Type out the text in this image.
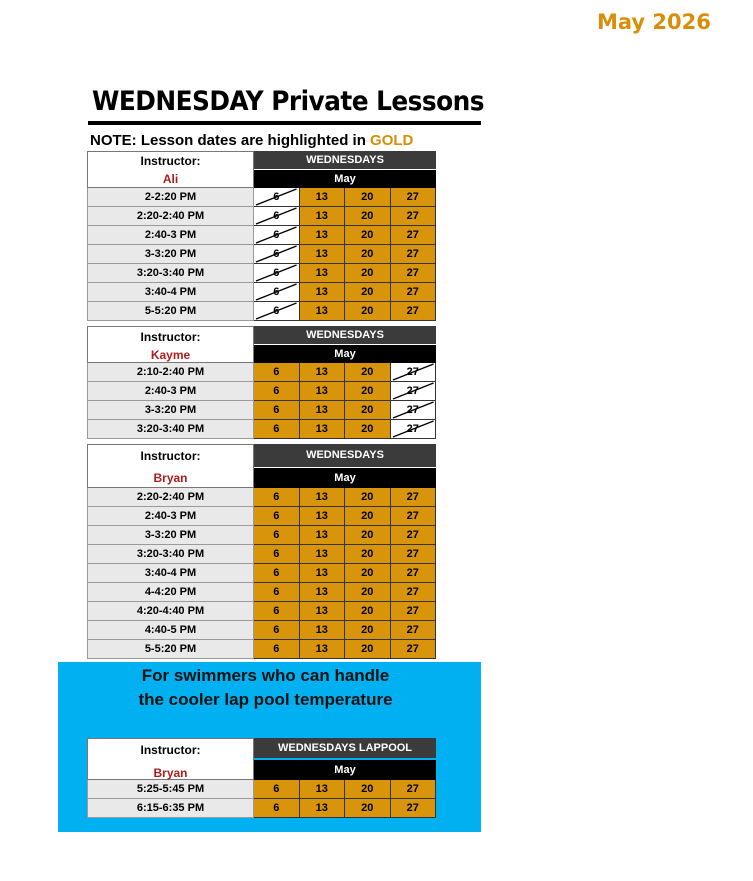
May 2026
WEDNESDAY Private Lessons
NOTE: Lesson dates are highlighted in GOLD
For swimmers who can handle
the cooler lap pool temperature
Instructor:
Ali
WEDNESDAYS
May
2-2:20 PM	6	13	20	27
2:20-2:40 PM	6	13	20	27
2:40-3 PM	6	13	20	27
3-3:20 PM	6	13	20	27
3:20-3:40 PM	6	13	20	27
3:40-4 PM	6	13	20	27
5-5:20 PM	6	13	20	27
Instructor:
Kayme
WEDNESDAYS
May
2:10-2:40 PM	6	13	20	27
2:40-3 PM	6	13	20	27
3-3:20 PM	6	13	20	27
3:20-3:40 PM	6	13	20	27
Instructor:
Bryan
WEDNESDAYS
May
2:20-2:40 PM	6	13	20	27
2:40-3 PM	6	13	20	27
3-3:20 PM	6	13	20	27
3:20-3:40 PM	6	13	20	27
3:40-4 PM	6	13	20	27
4-4:20 PM	6	13	20	27
4:20-4:40 PM	6	13	20	27
4:40-5 PM	6	13	20	27
5-5:20 PM	6	13	20	27
Instructor:
Bryan
WEDNESDAYS LAPPOOL
May
5:25-5:45 PM	6	13	20	27
6:15-6:35 PM	6	13	20	27
